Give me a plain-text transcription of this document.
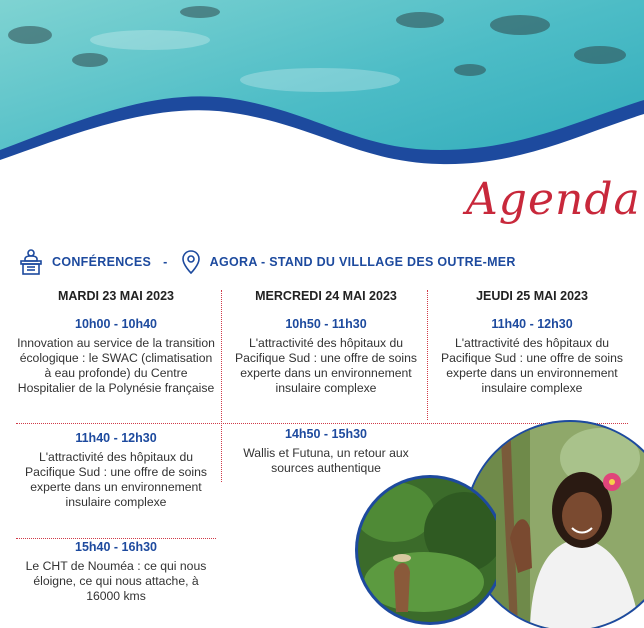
Agenda
CONFÉRENCES -	AGORA - STAND DU VILLLAGE DES OUTRE-MER
MARDI 23 MAI 2023
10h00 - 10h40
Innovation au service de la transition écologique : le SWAC (climatisation à eau profonde) du Centre Hospitalier de la Polynésie française
11h40 - 12h30
L'attractivité des hôpitaux du Pacifique Sud : une offre de soins experte dans un environnement insulaire complexe
15h40 - 16h30
Le CHT de Nouméa : ce qui nous éloigne, ce qui nous attache, à 16000 kms
MERCREDI 24 MAI 2023
10h50 - 11h30
L'attractivité des hôpitaux du Pacifique Sud : une offre de soins experte dans un environnement insulaire complexe
14h50 - 15h30
Wallis et Futuna, un retour aux sources authentique
JEUDI 25 MAI 2023
11h40 - 12h30
L'attractivité des hôpitaux du Pacifique Sud : une offre de soins experte dans un environnement insulaire complexe
